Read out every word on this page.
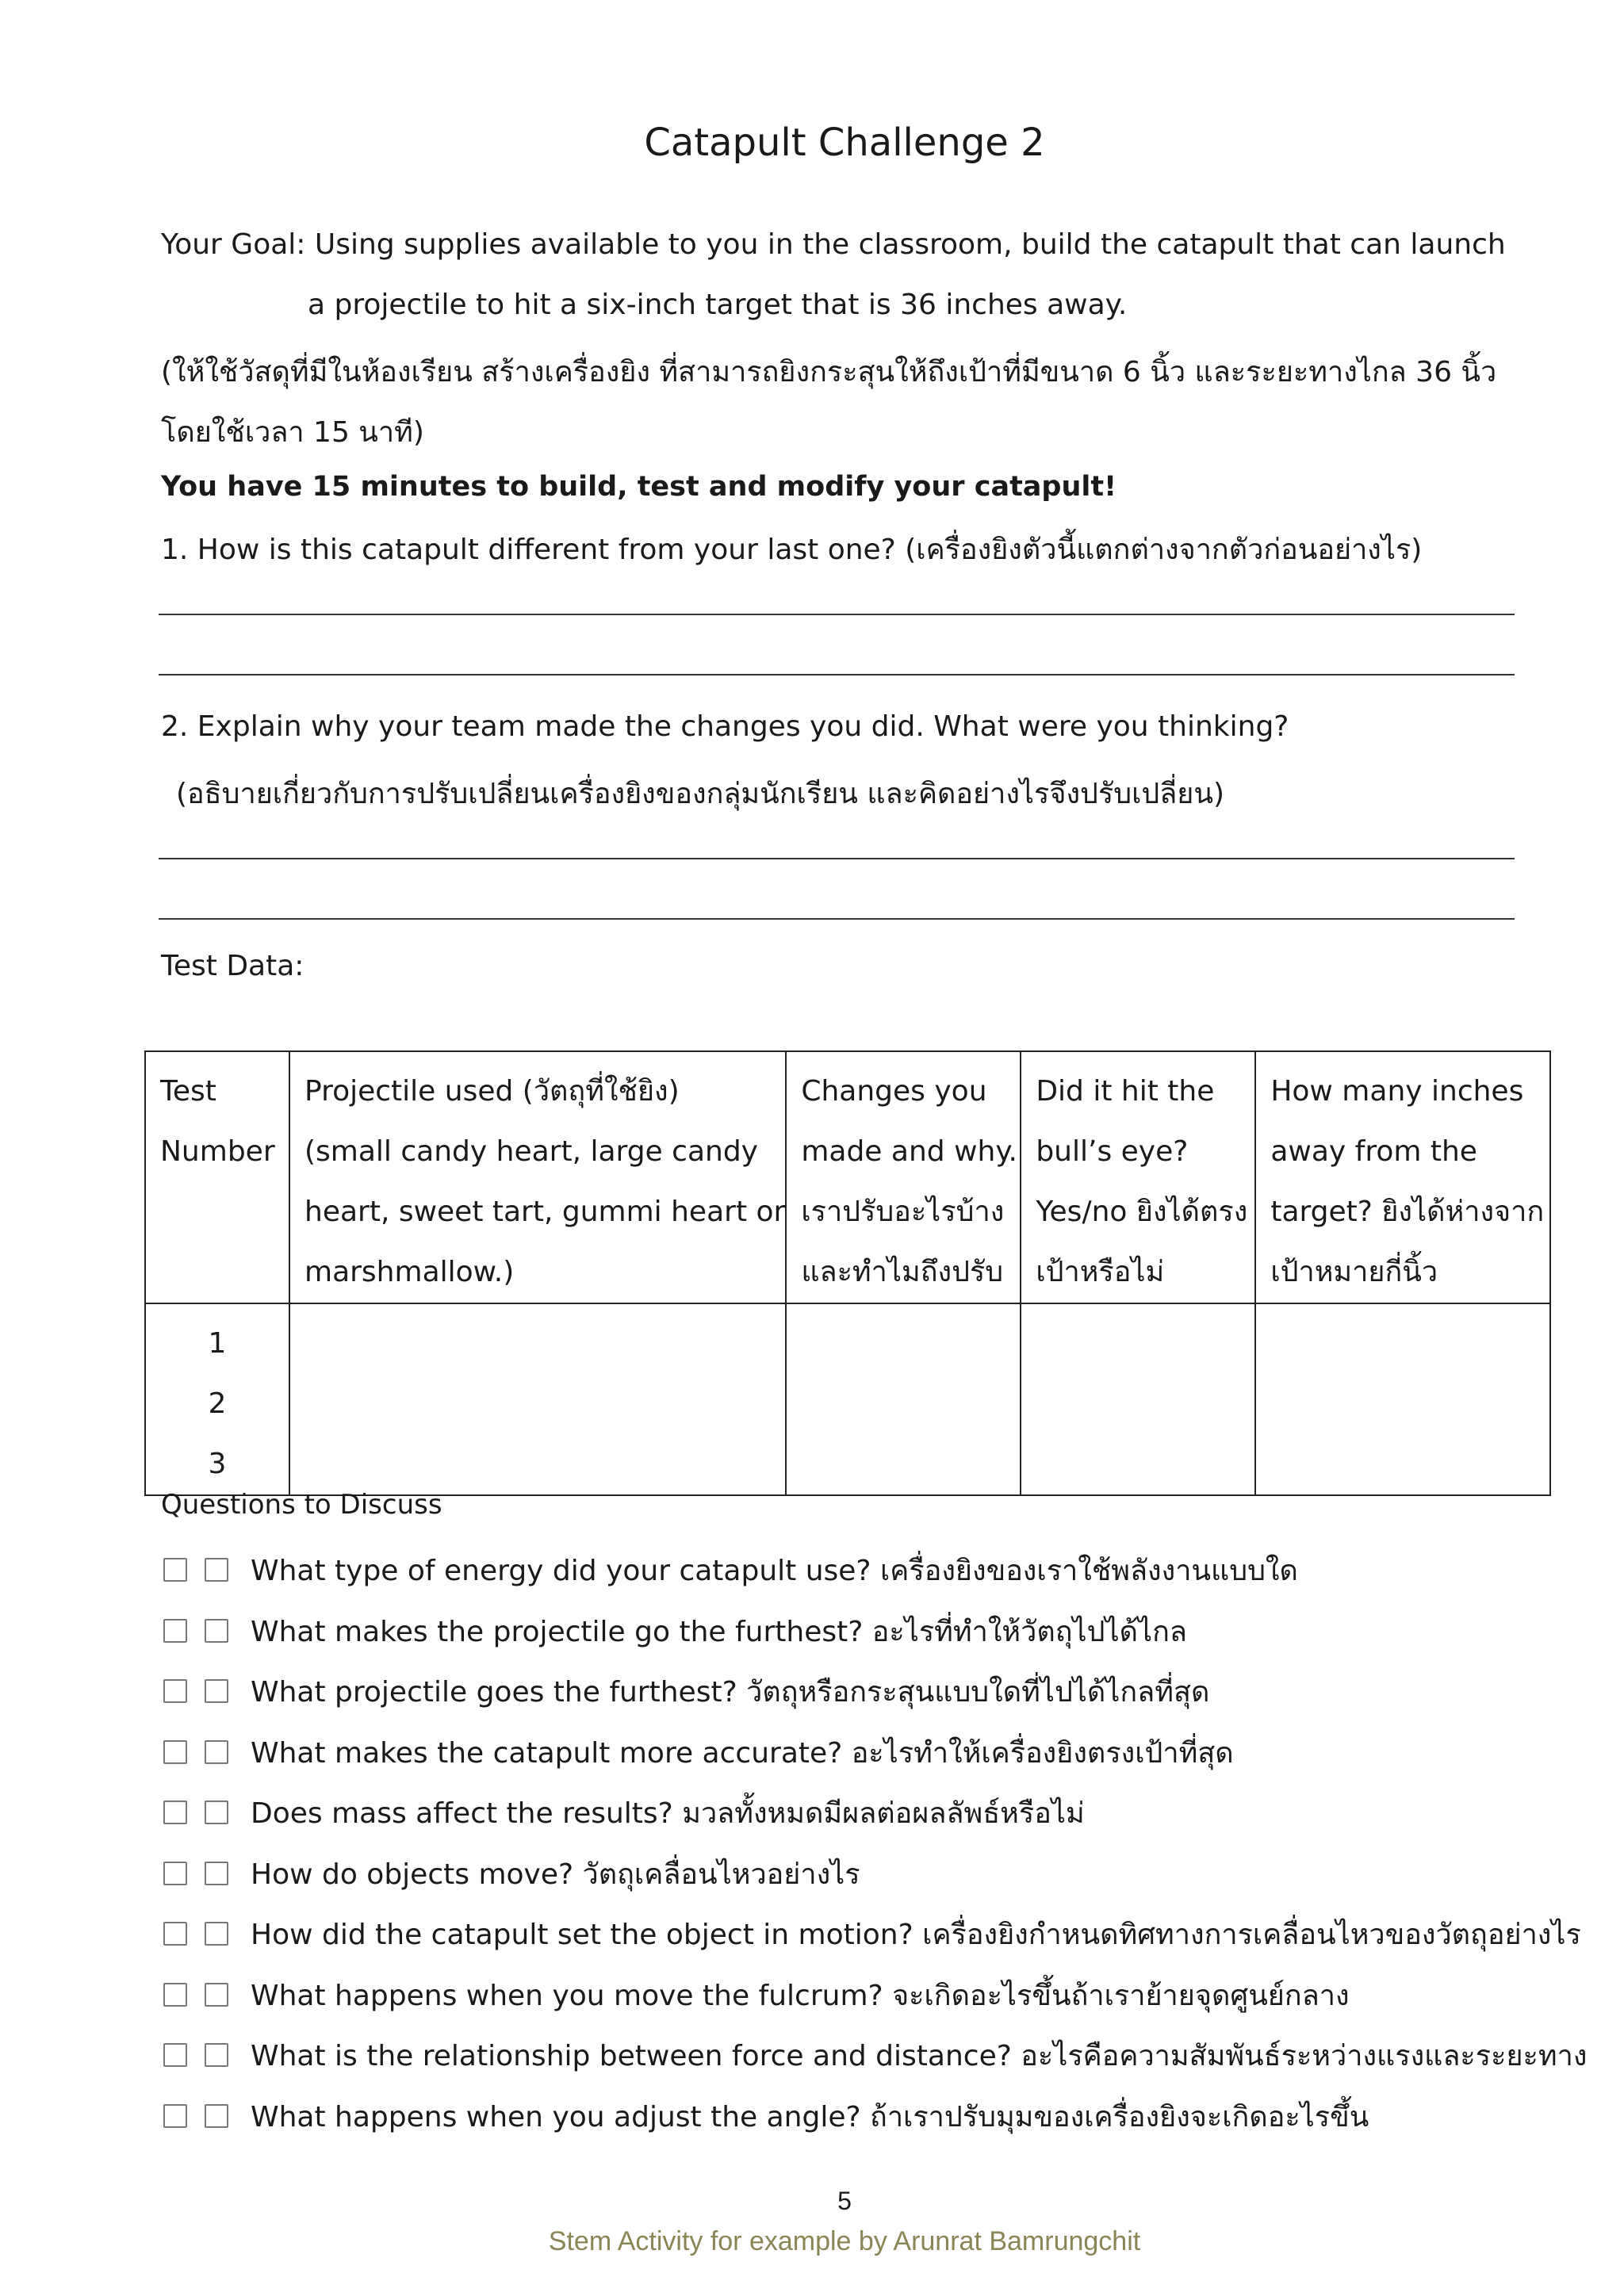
Catapult Challenge 2
Your Goal: Using supplies available to you in the classroom, build the catapult that can launch
a projectile to hit a six-inch target that is 36 inches away.
(ให้ใช้วัสดุที่มีในห้องเรียน สร้างเครื่องยิง ที่สามารถยิงกระสุนให้ถึงเป้าที่มีขนาด 6 นิ้ว และระยะทางไกล 36 นิ้ว
โดยใช้เวลา 15 นาที)
You have 15 minutes to build, test and modify your catapult!
1. How is this catapult different from your last one? (เครื่องยิงตัวนี้แตกต่างจากตัวก่อนอย่างไร)
2. Explain why your team made the changes you did. What were you thinking?
(อธิบายเกี่ยวกับการปรับเปลี่ยนเครื่องยิงของกลุ่มนักเรียน และคิดอย่างไรจึงปรับเปลี่ยน)
Test Data:
Test
Number	Projectile used (วัตถุที่ใช้ยิง)
(small candy heart, large candy
heart, sweet tart, gummi heart or
marshmallow.)	Changes you
made and why.
เราปรับอะไรบ้าง
และทำไมถึงปรับ	Did it hit the
bull’s eye?
Yes/no ยิงได้ตรง
เป้าหรือไม่	How many inches
away from the
target? ยิงได้ห่างจาก
เป้าหมายกี่นิ้ว

1
2
3				

Questions to Discuss
What type of energy did your catapult use? เครื่องยิงของเราใช้พลังงานแบบใด
What makes the projectile go the furthest? อะไรที่ทำให้วัตถุไปได้ไกล
What projectile goes the furthest? วัตถุหรือกระสุนแบบใดที่ไปได้ไกลที่สุด
What makes the catapult more accurate? อะไรทำให้เครื่องยิงตรงเป้าที่สุด
Does mass affect the results? มวลทั้งหมดมีผลต่อผลลัพธ์หรือไม่
How do objects move? วัตถุเคลื่อนไหวอย่างไร
How did the catapult set the object in motion? เครื่องยิงกำหนดทิศทางการเคลื่อนไหวของวัตถุอย่างไร
What happens when you move the fulcrum? จะเกิดอะไรขึ้นถ้าเราย้ายจุดศูนย์กลาง
What is the relationship between force and distance? อะไรคือความสัมพันธ์ระหว่างแรงและระยะทาง
What happens when you adjust the angle? ถ้าเราปรับมุมของเครื่องยิงจะเกิดอะไรขึ้น
5
Stem Activity for example by Arunrat Bamrungchit
